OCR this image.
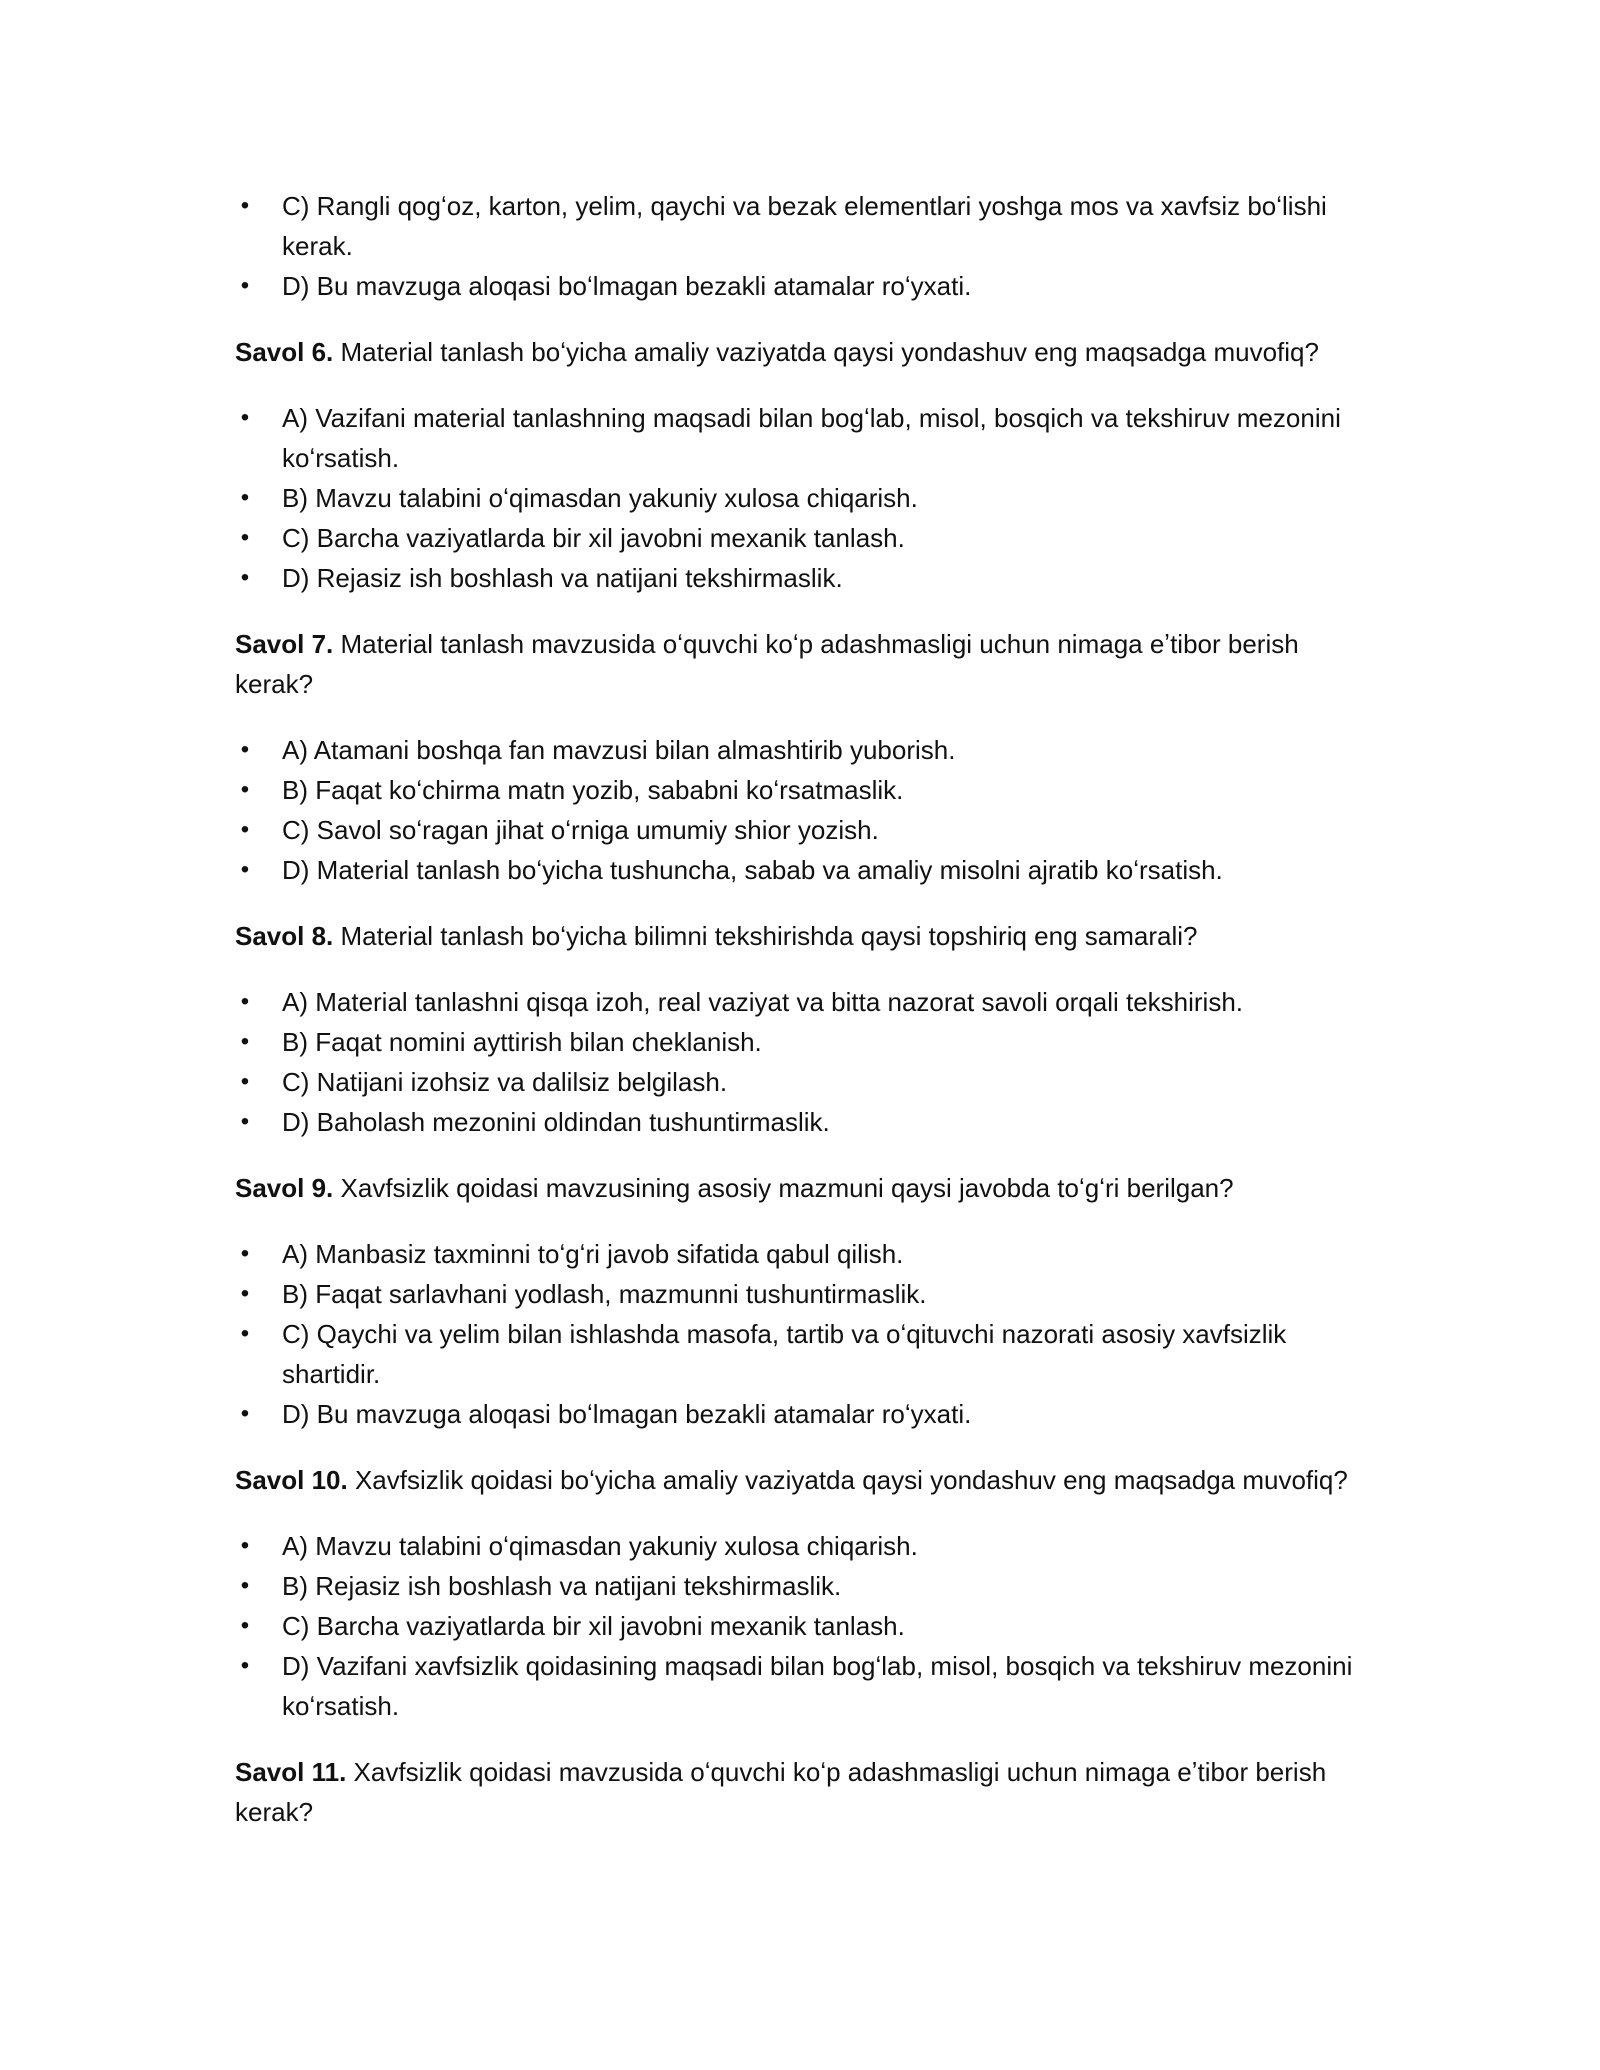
• C) Rangli qogʻoz, karton, yelim, qaychi va bezak elementlari yoshga mos va xavfsiz boʻlishi kerak.
• D) Bu mavzuga aloqasi boʻlmagan bezakli atamalar roʻyxati.

Savol 6. Material tanlash boʻyicha amaliy vaziyatda qaysi yondashuv eng maqsadga muvofiq?

• A) Vazifani material tanlashning maqsadi bilan bogʻlab, misol, bosqich va tekshiruv mezonini koʻrsatish.
• B) Mavzu talabini oʻqimasdan yakuniy xulosa chiqarish.
• C) Barcha vaziyatlarda bir xil javobni mexanik tanlash.
• D) Rejasiz ish boshlash va natijani tekshirmaslik.

Savol 7. Material tanlash mavzusida oʻquvchi koʻp adashmasligi uchun nimaga eʼtibor berish kerak?

• A) Atamani boshqa fan mavzusi bilan almashtirib yuborish.
• B) Faqat koʻchirma matn yozib, sababni koʻrsatmaslik.
• C) Savol soʻragan jihat oʻrniga umumiy shior yozish.
• D) Material tanlash boʻyicha tushuncha, sabab va amaliy misolni ajratib koʻrsatish.

Savol 8. Material tanlash boʻyicha bilimni tekshirishda qaysi topshiriq eng samarali?

• A) Material tanlashni qisqa izoh, real vaziyat va bitta nazorat savoli orqali tekshirish.
• B) Faqat nomini ayttirish bilan cheklanish.
• C) Natijani izohsiz va dalilsiz belgilash.
• D) Baholash mezonini oldindan tushuntirmaslik.

Savol 9. Xavfsizlik qoidasi mavzusining asosiy mazmuni qaysi javobda toʻgʻri berilgan?

• A) Manbasiz taxminni toʻgʻri javob sifatida qabul qilish.
• B) Faqat sarlavhani yodlash, mazmunni tushuntirmaslik.
• C) Qaychi va yelim bilan ishlashda masofa, tartib va oʻqituvchi nazorati asosiy xavfsizlik shartidir.
• D) Bu mavzuga aloqasi boʻlmagan bezakli atamalar roʻyxati.

Savol 10. Xavfsizlik qoidasi boʻyicha amaliy vaziyatda qaysi yondashuv eng maqsadga muvofiq?

• A) Mavzu talabini oʻqimasdan yakuniy xulosa chiqarish.
• B) Rejasiz ish boshlash va natijani tekshirmaslik.
• C) Barcha vaziyatlarda bir xil javobni mexanik tanlash.
• D) Vazifani xavfsizlik qoidasining maqsadi bilan bogʻlab, misol, bosqich va tekshiruv mezonini koʻrsatish.

Savol 11. Xavfsizlik qoidasi mavzusida oʻquvchi koʻp adashmasligi uchun nimaga eʼtibor berish kerak?
